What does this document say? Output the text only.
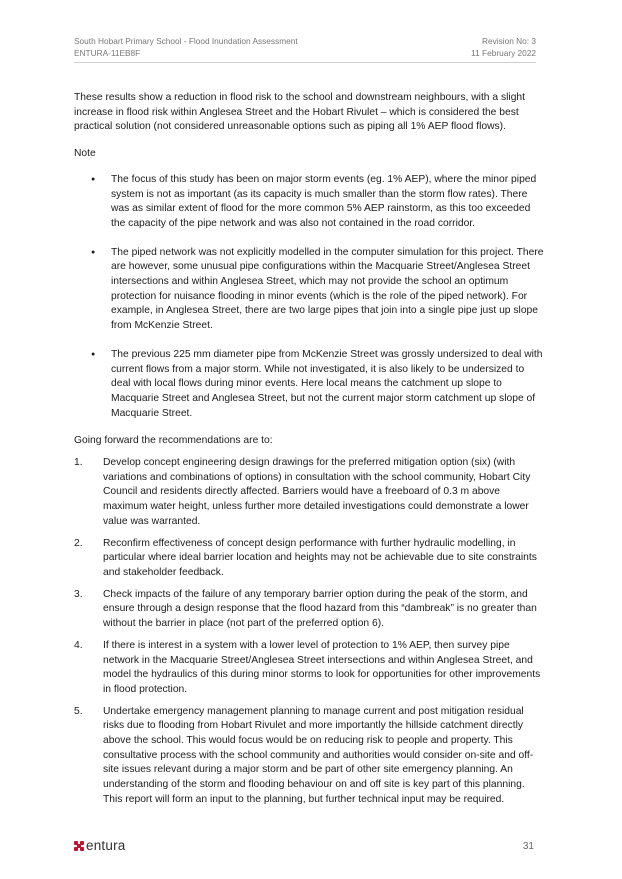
South Hobart Primary School - Flood Inundation Assessment
ENTURA-11EB8F
Revision No: 3
11 February 2022

These results show a reduction in flood risk to the school and downstream neighbours, with a slight increase in flood risk within Anglesea Street and the Hobart Rivulet – which is considered the best practical solution (not considered unreasonable options such as piping all 1% AEP flood flows).

Note

●
The focus of this study has been on major storm events (eg. 1% AEP), where the minor piped system is not as important (as its capacity is much smaller than the storm flow rates). There was as similar extent of flood for the more common 5% AEP rainstorm, as this too exceeded the capacity of the pipe network and was also not contained in the road corridor.
●
The piped network was not explicitly modelled in the computer simulation for this project. There are however, some unusual pipe configurations within the Macquarie Street/Anglesea Street intersections and within Anglesea Street, which may not provide the school an optimum protection for nuisance flooding in minor events (which is the role of the piped network). For example, in Anglesea Street, there are two large pipes that join into a single pipe just up slope from McKenzie Street.
●
The previous 225 mm diameter pipe from McKenzie Street was grossly undersized to deal with current flows from a major storm. While not investigated, it is also likely to be undersized to deal with local flows during minor events. Here local means the catchment up slope to Macquarie Street and Anglesea Street, but not the current major storm catchment up slope of Macquarie Street.

Going forward the recommendations are to:

1. Develop concept engineering design drawings for the preferred mitigation option (six) (with variations and combinations of options) in consultation with the school community, Hobart City Council and residents directly affected. Barriers would have a freeboard of 0.3 m above maximum water height, unless further more detailed investigations could demonstrate a lower value was warranted.
2. Reconfirm effectiveness of concept design performance with further hydraulic modelling, in particular where ideal barrier location and heights may not be achievable due to site constraints and stakeholder feedback.
3. Check impacts of the failure of any temporary barrier option during the peak of the storm, and ensure through a design response that the flood hazard from this “dambreak” is no greater than without the barrier in place (not part of the preferred option 6).
4. If there is interest in a system with a lower level of protection to 1% AEP, then survey pipe network in the Macquarie Street/Anglesea Street intersections and within Anglesea Street, and model the hydraulics of this during minor storms to look for opportunities for other improvements in flood protection.
5. Undertake emergency management planning to manage current and post mitigation residual risks due to flooding from Hobart Rivulet and more importantly the hillside catchment directly above the school. This would focus would be on reducing risk to people and property. This consultative process with the school community and authorities would consider on-site and off-site issues relevant during a major storm and be part of other site emergency planning. An understanding of the storm and flooding behaviour on and off site is key part of this planning. This report will form an input to the planning, but further technical input may be required.
entura	31
